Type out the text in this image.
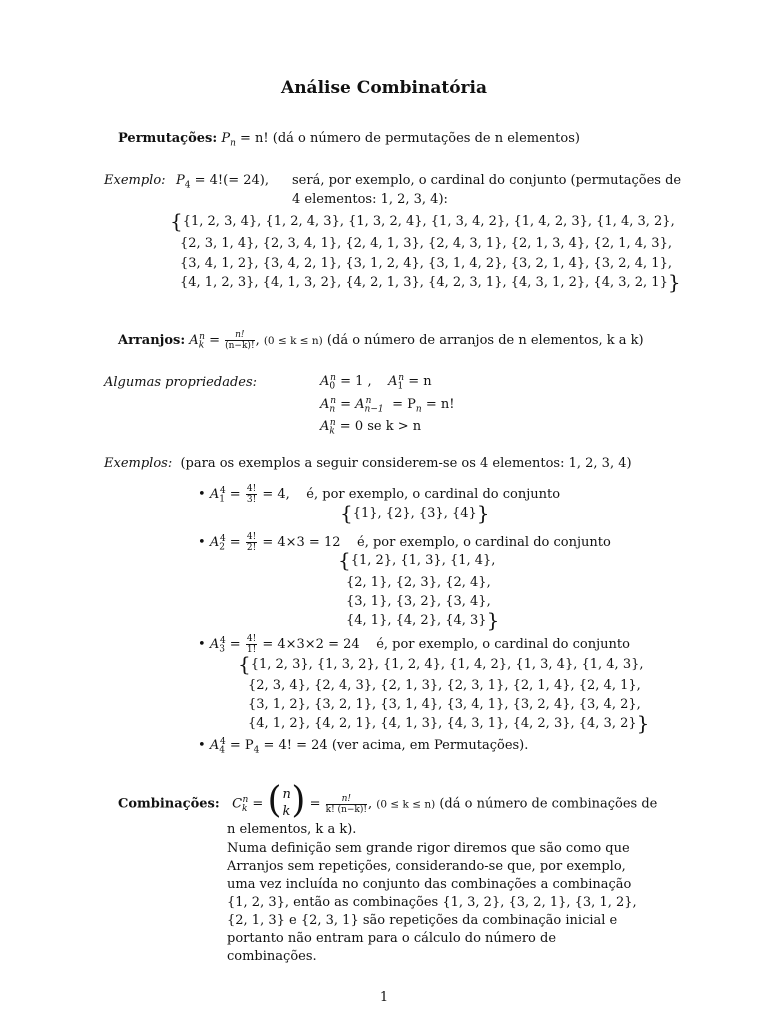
Análise Combinatória
Permutações: $P_n = n$! (dá o número de permutações de n elementos)
Exemplo: $P_4 = 4!(= 24)$, será, por exemplo, o cardinal do conjunto (permutações de
4 elementos: 1, 2, 3, 4):
{{1, 2, 3, 4}, {1, 2, 4, 3}, {1, 3, 2, 4}, {1, 3, 4, 2}, {1, 4, 2, 3}, {1, 4, 3, 2},
{2, 3, 1, 4}, {2, 3, 4, 1}, {2, 4, 1, 3}, {2, 4, 3, 1}, {2, 1, 3, 4}, {2, 1, 4, 3},
{3, 4, 1, 2}, {3, 4, 2, 1}, {3, 1, 2, 4}, {3, 1, 4, 2}, {3, 2, 1, 4}, {3, 2, 4, 1},
{4, 1, 2, 3}, {4, 1, 3, 2}, {4, 2, 1, 3}, {4, 2, 3, 1}, {4, 3, 1, 2}, {4, 3, 2, 1}}
Arranjos: $A_k^n = \frac{n!}{(n-k)!}$ , (0 ≤ k ≤ n) (dá o número de arranjos de n elementos, k a k)
Algumas propriedades:	$A_0^n = 1$ , $A_1^n = n$
$A_n^n = A_{n-1}^n = P_n = n$!
$A_k^n = 0$ se k > n
Exemplos: (para os exemplos a seguir considerem-se os 4 elementos: 1, 2, 3, 4)
• $A_1^4 = \frac{4!}{3!} = 4$, é, por exemplo, o cardinal do conjunto
{{1}, {2}, {3}, {4}}
• $A_2^4 = \frac{4!}{2!} = 4\times 3 = 12$ é, por exemplo, o cardinal do conjunto
{{1, 2}, {1, 3}, {1, 4},
{2, 1}, {2, 3}, {2, 4},
{3, 1}, {3, 2}, {3, 4},
{4, 1}, {4, 2}, {4, 3}}
• $A_3^4 = \frac{4!}{1!} = 4\times 3\times 2 = 24$ é, por exemplo, o cardinal do conjunto
{{1, 2, 3}, {1, 3, 2}, {1, 2, 4}, {1, 4, 2}, {1, 3, 4}, {1, 4, 3},
{2, 3, 4}, {2, 4, 3}, {2, 1, 3}, {2, 3, 1}, {2, 1, 4}, {2, 4, 1},
{3, 1, 2}, {3, 2, 1}, {3, 1, 4}, {3, 4, 1}, {3, 2, 4}, {3, 4, 2},
{4, 1, 2}, {4, 2, 1}, {4, 1, 3}, {4, 3, 1}, {4, 2, 3}, {4, 3, 2}}
• $A_4^4 = P_4 = 4$! = 24 (ver acima, em Permutações).
Combinações: $C_k^n$ = ( n
k ) = $\frac{n!}{k! (n-k)!}$ , (0 ≤ k ≤ n) (dá o número de combinações de
n elementos, k a k).
Numa definição sem grande rigor diremos que são como que Arranjos sem repetições, considerando-se que, por exemplo, uma vez incluída no conjunto das combinações a combinação {1, 2, 3}, então as combinações {1, 3, 2}, {3, 2, 1}, {3, 1, 2}, {2, 1, 3} e {2, 3, 1} são repetições da combinação inicial e portanto não entram para o cálculo do número de combinações.
1
